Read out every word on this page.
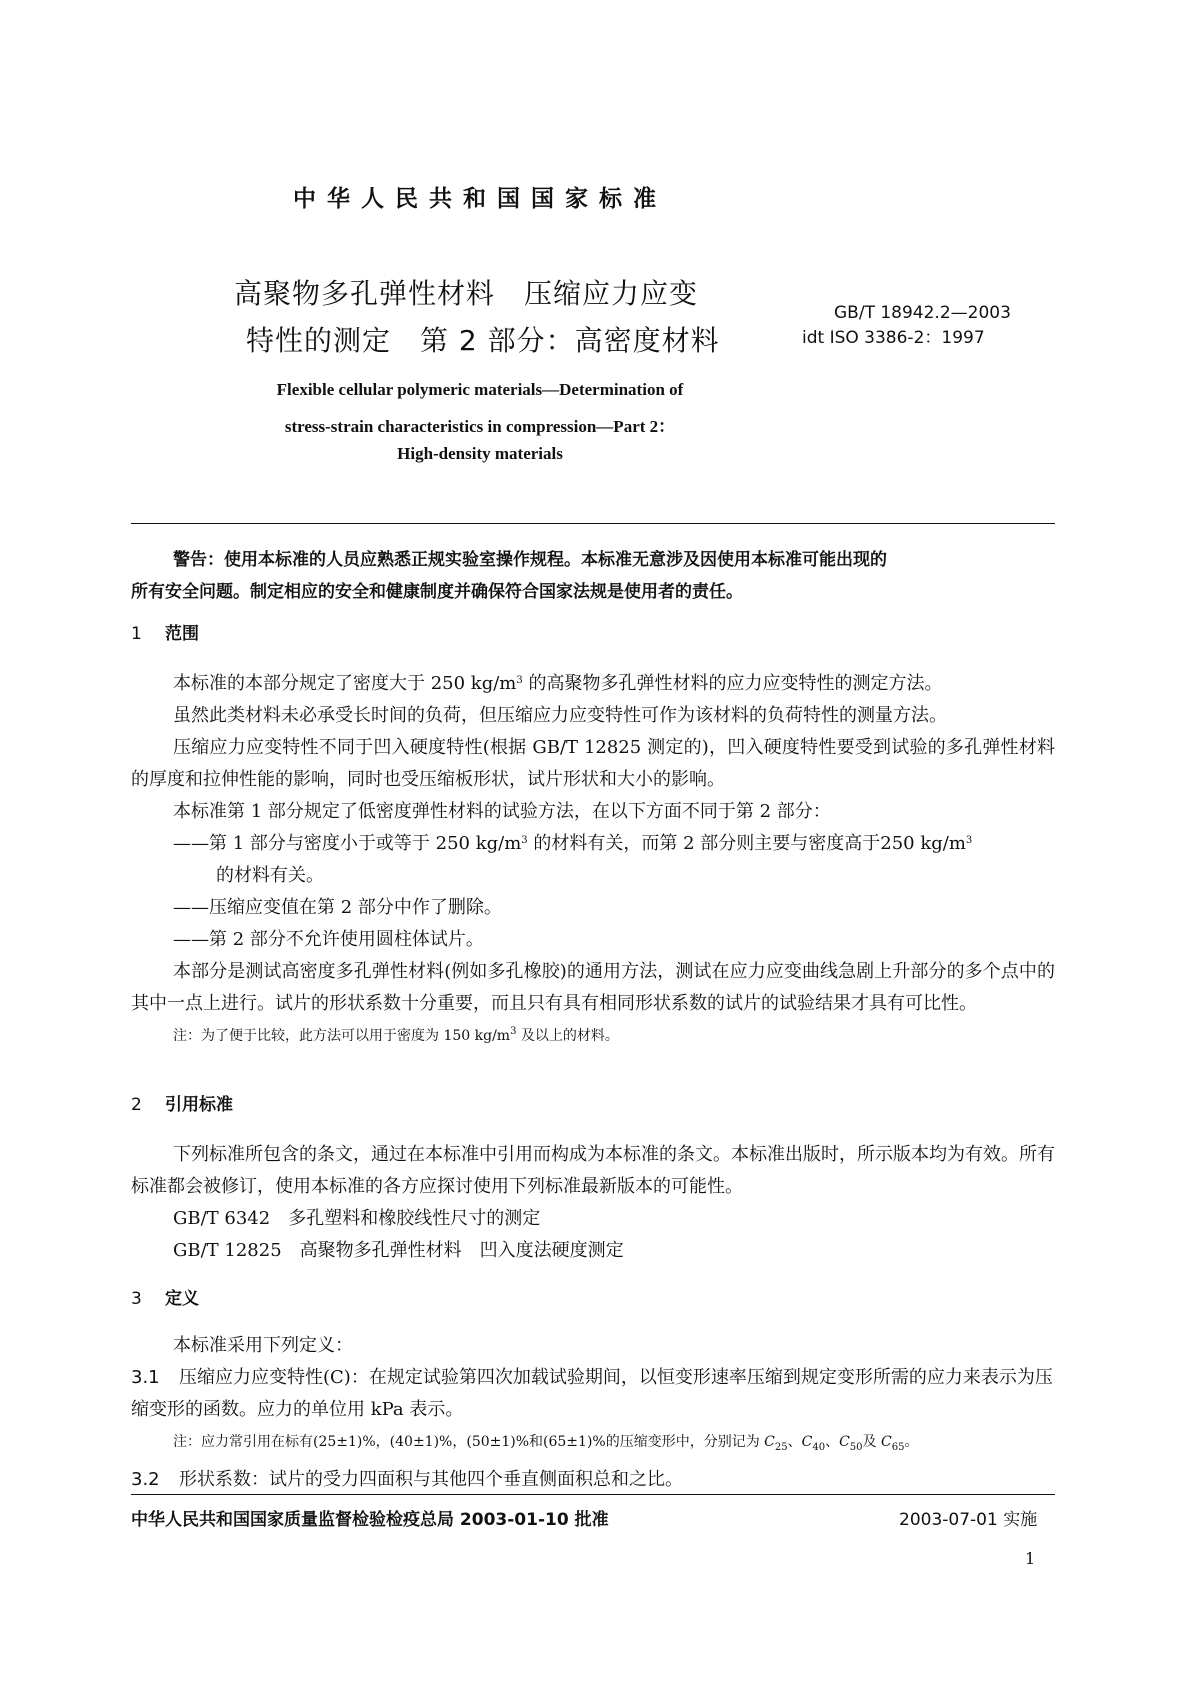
中华人民共和国国家标准
高聚物多孔弹性材料　压缩应力应变
特性的测定　第 2 部分：高密度材料
GB/T 18942.2—2003
idt ISO 3386-2：1997
Flexible cellular polymeric materials—Determination of
stress-strain characteristics in compression—Part 2：
High-density materials

警告：使用本标准的人员应熟悉正规实验室操作规程。本标准无意涉及因使用本标准可能出现的

所有安全问题。制定相应的安全和健康制度并确保符合国家法规是使用者的责任。

1 范围

本标准的本部分规定了密度大于 250 $kg/m^3$ 的高聚物多孔弹性材料的应力应变特性的测定方法。

虽然此类材料未必承受长时间的负荷，但压缩应力应变特性可作为该材料的负荷特性的测量方法。

压缩应力应变特性不同于凹入硬度特性(根据 GB/T 12825 测定的)，凹入硬度特性要受到试验的多孔弹性材料的厚度和拉伸性能的影响，同时也受压缩板形状，试片形状和大小的影响。

本标准第 1 部分规定了低密度弹性材料的试验方法，在以下方面不同于第 2 部分：

——第 1 部分与密度小于或等于 250 $kg/m^3$ 的材料有关，而第 2 部分则主要与密度高于250 $kg/m^3$

的材料有关。

——压缩应变值在第 2 部分中作了删除。

——第 2 部分不允许使用圆柱体试片。

本部分是测试高密度多孔弹性材料(例如多孔橡胶)的通用方法，测试在应力应变曲线急剧上升部分的多个点中的其中一点上进行。试片的形状系数十分重要，而且只有具有相同形状系数的试片的试验结果才具有可比性。

注：为了便于比较，此方法可以用于密度为 150 $kg/m^3$ 及以上的材料。

2 引用标准

下列标准所包含的条文，通过在本标准中引用而构成为本标准的条文。本标准出版时，所示版本均为有效。所有标准都会被修订，使用本标准的各方应探讨使用下列标准最新版本的可能性。

GB/T 6342　多孔塑料和橡胶线性尺寸的测定

GB/T 12825　高聚物多孔弹性材料　凹入度法硬度测定

3 定义

本标准采用下列定义：

3.1 压缩应力应变特性(C)：在规定试验第四次加载试验期间，以恒变形速率压缩到规定变形所需的应力来表示为压缩变形的函数。应力的单位用 kPa 表示。

注：应力常引用在标有(25±1)%，(40±1)%，(50±1)%和(65±1)%的压缩变形中，分别记为 $C_{25}$、$C_{40}$、$C_{50}$及 $C_{65}$。

3.2 形状系数：试片的受力四面积与其他四个垂直侧面积总和之比。

中华人民共和国国家质量监督检验检疫总局 2003-01-10 批准	2003-07-01 实施
1
